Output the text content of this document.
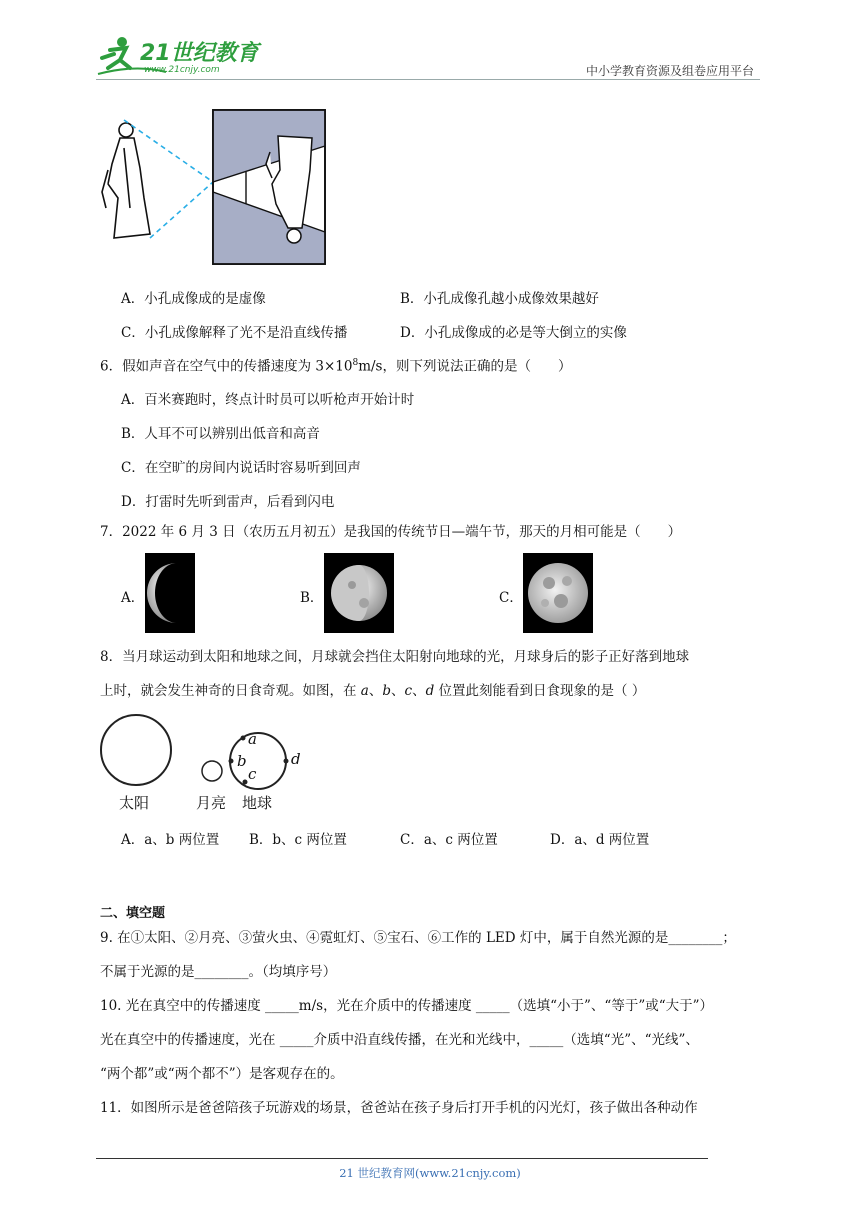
21世纪教育
www.21cnjy.com	中小学教育资源及组卷应用平台
A．小孔成像成的是虚像	B．小孔成像孔越小成像效果越好
C．小孔成像解释了光不是沿直线传播	D．小孔成像成的必是等大倒立的实像
6．假如声音在空气中的传播速度为 $3\times 10^8m/s$，则下列说法正确的是（　　）
A．百米赛跑时，终点计时员可以听枪声开始计时
B．人耳不可以辨别出低音和高音
C．在空旷的房间内说话时容易听到回声
D．打雷时先听到雷声，后看到闪电
7．2022 年 6 月 3 日（农历五月初五）是我国的传统节日—端午节，那天的月相可能是（　　）
A．	B．	C．
8．当月球运动到太阳和地球之间，月球就会挡住太阳射向地球的光，月球身后的影子正好落到地球
上时，就会发生神奇的日食奇观。如图，在 a、b、c、d 位置此刻能看到日食现象的是（ ）
a
b
c
d
太阳	月亮 地球
A．a、b 两位置 B．b、c 两位置	C．a、c 两位置	D．a、d 两位置
二、填空题
9. 在①太阳、②月亮、③萤火虫、④霓虹灯、⑤宝石、⑥工作的 LED 灯中，属于自然光源的是________；
不属于光源的是________。（均填序号）
10. 光在真空中的传播速度 _____m/s，光在介质中的传播速度 _____（选填“小于”、“等于”或“大于”）
光在真空中的传播速度，光在 _____介质中沿直线传播，在光和光线中，_____（选填“光”、“光线”、
“两个都”或“两个都不”）是客观存在的。
11．如图所示是爸爸陪孩子玩游戏的场景，爸爸站在孩子身后打开手机的闪光灯，孩子做出各种动作
21 世纪教育网(www.21cnjy.com)
